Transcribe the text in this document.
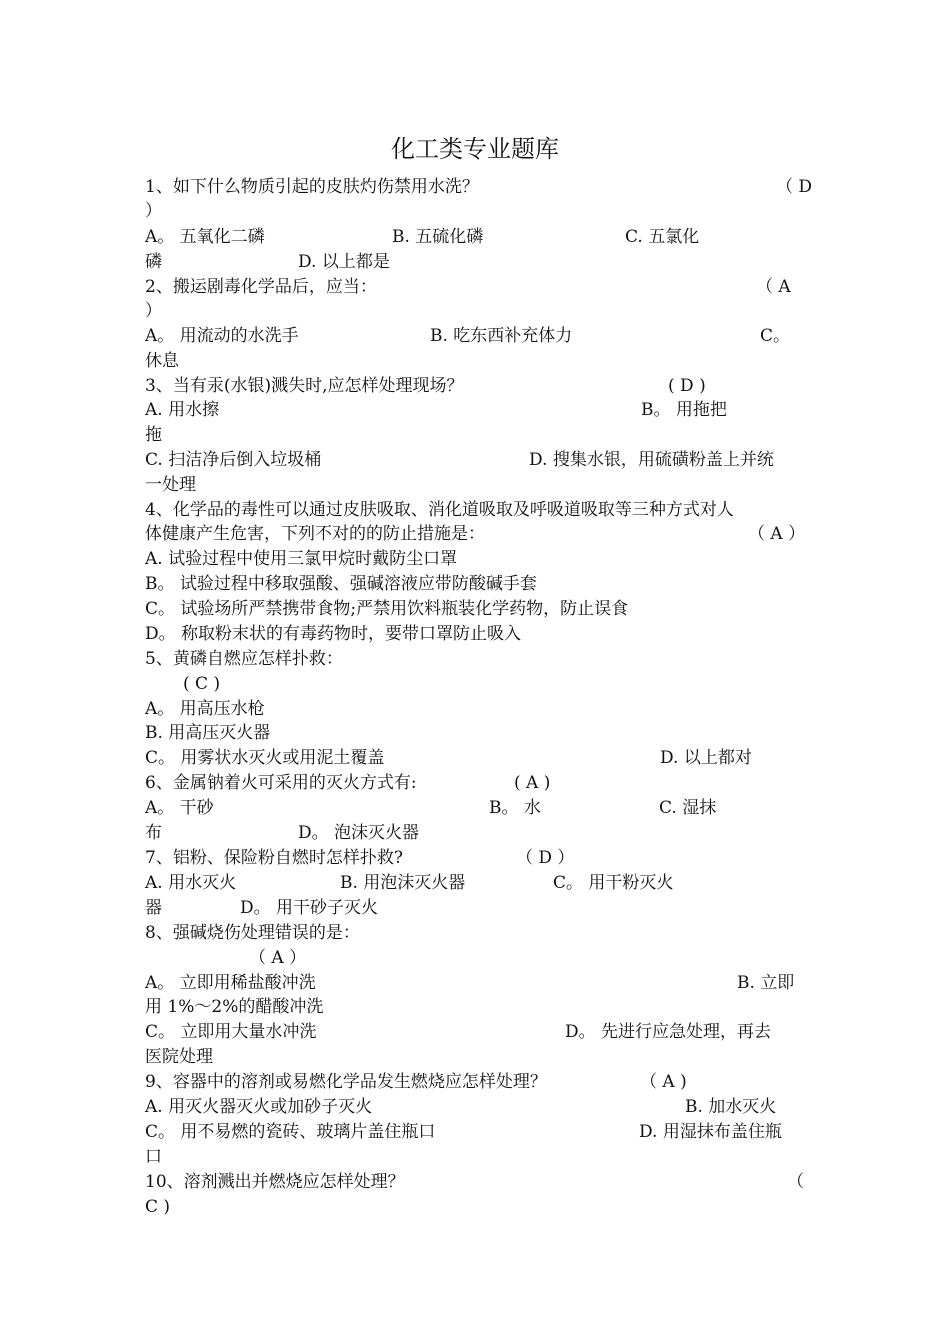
化工类专业题库
1、如下什么物质引起的皮肤灼伤禁用水洗？	（ D
）
A。 五氧化二磷	B. 五硫化磷	C. 五氯化
磷	D. 以上都是
2、搬运剧毒化学品后，应当：	（ A
）
A。 用流动的水洗手	B. 吃东西补充体力	C。
休息
3、当有汞(水银)溅失时,应怎样处理现场？	( D )
A. 用水擦	B。 用拖把
拖
C. 扫洁净后倒入垃圾桶	D. 搜集水银，用硫磺粉盖上并统
一处理
4、化学品的毒性可以通过皮肤吸取、消化道吸取及呼吸道吸取等三种方式对人
体健康产生危害，下列不对的的防止措施是：	（ A ）
A. 试验过程中使用三氯甲烷时戴防尘口罩
B。 试验过程中移取强酸、强碱溶液应带防酸碱手套
C。 试验场所严禁携带食物;严禁用饮料瓶装化学药物，防止误食
D。 称取粉末状的有毒药物时，要带口罩防止吸入
5、黄磷自燃应怎样扑救：
( C )
A。 用高压水枪
B. 用高压灭火器
C。 用雾状水灭火或用泥土覆盖	D. 以上都对
6、金属钠着火可采用的灭火方式有:	( A )
A。 干砂	B。 水	C. 湿抹
布	D。 泡沫灭火器
7、铝粉、保险粉自燃时怎样扑救?	（ D ）
A. 用水灭火	B. 用泡沫灭火器	C。 用干粉灭火
器	D。 用干砂子灭火
8、强碱烧伤处理错误的是：
（ A ）
A。 立即用稀盐酸冲洗	B. 立即
用 1%～2%的醋酸冲洗
C。 立即用大量水冲洗	D。 先进行应急处理，再去
医院处理
9、容器中的溶剂或易燃化学品发生燃烧应怎样处理？	（ A )
A. 用灭火器灭火或加砂子灭火	B. 加水灭火
C。 用不易燃的瓷砖、玻璃片盖住瓶口	D. 用湿抹布盖住瓶
口
10、溶剂溅出并燃烧应怎样处理？	（
C )
